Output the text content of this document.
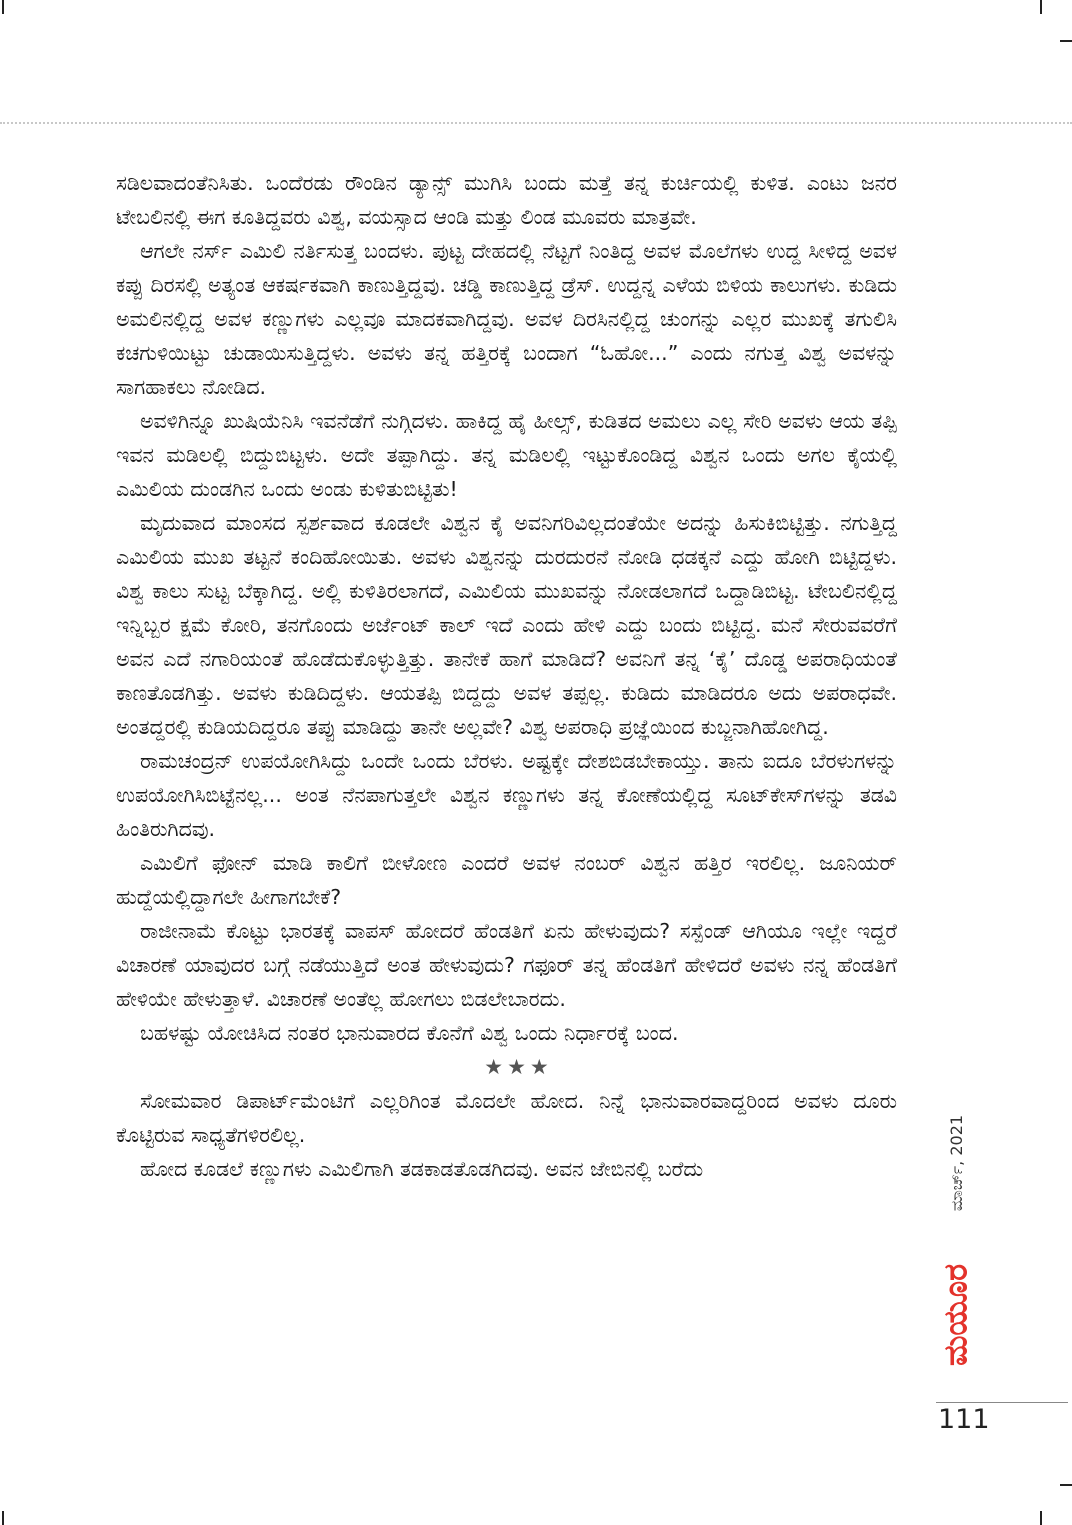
ಸಡಿಲವಾದಂತೆನಿಸಿತು. ಒಂದೆರಡು ರೌಂಡಿನ ಡ್ಯಾನ್ಸ್ ಮುಗಿಸಿ ಬಂದು ಮತ್ತೆ ತನ್ನ ಕುರ್ಚಿಯಲ್ಲಿ ಕುಳಿತ. ಎಂಟು ಜನರ ಟೇಬಲಿನಲ್ಲಿ ಈಗ ಕೂತಿದ್ದವರು ವಿಶ್ವ, ವಯಸ್ಸಾದ ಆಂಡಿ ಮತ್ತು ಲಿಂಡ ಮೂವರು ಮಾತ್ರವೇ.

ಆಗಲೇ ನರ್ಸ್ ಎಮಿಲಿ ನರ್ತಿಸುತ್ತ ಬಂದಳು. ಪುಟ್ಟ ದೇಹದಲ್ಲಿ ನೆಟ್ಟಗೆ ನಿಂತಿದ್ದ ಅವಳ ಮೊಲೆಗಳು ಉದ್ದ ಸೀಳಿದ್ದ ಅವಳ ಕಪ್ಪು ದಿರಸಲ್ಲಿ ಅತ್ಯಂತ ಆಕರ್ಷಕವಾಗಿ ಕಾಣುತ್ತಿದ್ದವು. ಚಡ್ಡಿ ಕಾಣುತ್ತಿದ್ದ ಡ್ರೆಸ್. ಉದ್ದನ್ನ ಎಳೆಯ ಬಿಳಿಯ ಕಾಲುಗಳು. ಕುಡಿದು ಅಮಲಿನಲ್ಲಿದ್ದ ಅವಳ ಕಣ್ಣುಗಳು ಎಲ್ಲವೂ ಮಾದಕವಾಗಿದ್ದವು. ಅವಳ ದಿರಸಿನಲ್ಲಿದ್ದ ಚುಂಗನ್ನು ಎಲ್ಲರ ಮುಖಕ್ಕೆ ತಗುಲಿಸಿ ಕಚಗುಳಿಯಿಟ್ಟು ಚುಡಾಯಿಸುತ್ತಿದ್ದಳು. ಅವಳು ತನ್ನ ಹತ್ತಿರಕ್ಕೆ ಬಂದಾಗ “ಓಹೋ...” ಎಂದು ನಗುತ್ತ ವಿಶ್ವ ಅವಳನ್ನು ಸಾಗಹಾಕಲು ನೋಡಿದ.

ಅವಳಿಗಿನ್ನೂ ಖುಷಿಯೆನಿಸಿ ಇವನೆಡೆಗೆ ನುಗ್ಗಿದಳು. ಹಾಕಿದ್ದ ಹೈ ಹೀಲ್ಸ್, ಕುಡಿತದ ಅಮಲು ಎಲ್ಲ ಸೇರಿ ಅವಳು ಆಯ ತಪ್ಪಿ ಇವನ ಮಡಿಲಲ್ಲಿ ಬಿದ್ದುಬಿಟ್ಟಳು. ಅದೇ ತಪ್ಪಾಗಿದ್ದು. ತನ್ನ ಮಡಿಲಲ್ಲಿ ಇಟ್ಟುಕೊಂಡಿದ್ದ ವಿಶ್ವನ ಒಂದು ಅಗಲ ಕೈಯಲ್ಲಿ ಎಮಿಲಿಯ ದುಂಡಗಿನ ಒಂದು ಅಂಡು ಕುಳಿತುಬಿಟ್ಟಿತು!

ಮೃದುವಾದ ಮಾಂಸದ ಸ್ಪರ್ಶವಾದ ಕೂಡಲೇ ವಿಶ್ವನ ಕೈ ಅವನಿಗರಿವಿಲ್ಲದಂತೆಯೇ ಅದನ್ನು ಹಿಸುಕಿಬಿಟ್ಟಿತ್ತು. ನಗುತ್ತಿದ್ದ ಎಮಿಲಿಯ ಮುಖ ತಟ್ಟನೆ ಕಂದಿಹೋಯಿತು. ಅವಳು ವಿಶ್ವನನ್ನು ದುರದುರನೆ ನೋಡಿ ಧಡಕ್ಕನೆ ಎದ್ದು ಹೋಗಿ ಬಿಟ್ಟಿದ್ದಳು. ವಿಶ್ವ ಕಾಲು ಸುಟ್ಟ ಬೆಕ್ಕಾಗಿದ್ದ. ಅಲ್ಲಿ ಕುಳಿತಿರಲಾಗದೆ, ಎಮಿಲಿಯ ಮುಖವನ್ನು ನೋಡಲಾಗದೆ ಒದ್ದಾಡಿಬಿಟ್ಟ. ಟೇಬಲಿನಲ್ಲಿದ್ದ ಇನ್ನಿಬ್ಬರ ಕ್ಷಮೆ ಕೋರಿ, ತನಗೊಂದು ಅರ್ಜೆಂಟ್ ಕಾಲ್ ಇದೆ ಎಂದು ಹೇಳಿ ಎದ್ದು ಬಂದು ಬಿಟ್ಟಿದ್ದ. ಮನೆ ಸೇರುವವರೆಗೆ ಅವನ ಎದೆ ನಗಾರಿಯಂತೆ ಹೊಡೆದುಕೊಳ್ಳುತ್ತಿತ್ತು. ತಾನೇಕೆ ಹಾಗೆ ಮಾಡಿದೆ? ಅವನಿಗೆ ತನ್ನ ‘ಕೈ’ ದೊಡ್ಡ ಅಪರಾಧಿಯಂತೆ ಕಾಣತೊಡಗಿತ್ತು. ಅವಳು ಕುಡಿದಿದ್ದಳು. ಆಯತಪ್ಪಿ ಬಿದ್ದದ್ದು ಅವಳ ತಪ್ಪಲ್ಲ. ಕುಡಿದು ಮಾಡಿದರೂ ಅದು ಅಪರಾಧವೇ. ಅಂತದ್ದರಲ್ಲಿ ಕುಡಿಯದಿದ್ದರೂ ತಪ್ಪು ಮಾಡಿದ್ದು ತಾನೇ ಅಲ್ಲವೇ? ವಿಶ್ವ ಅಪರಾಧಿ ಪ್ರಜ್ಞೆಯಿಂದ ಕುಬ್ಜನಾಗಿಹೋಗಿದ್ದ.

ರಾಮಚಂದ್ರನ್ ಉಪಯೋಗಿಸಿದ್ದು ಒಂದೇ ಒಂದು ಬೆರಳು. ಅಷ್ಟಕ್ಕೇ ದೇಶಬಿಡಬೇಕಾಯ್ತು. ತಾನು ಐದೂ ಬೆರಳುಗಳನ್ನು ಉಪಯೋಗಿಸಿಬಿಟ್ಟೆನಲ್ಲ... ಅಂತ ನೆನಪಾಗುತ್ತಲೇ ವಿಶ್ವನ ಕಣ್ಣುಗಳು ತನ್ನ ಕೋಣೆಯಲ್ಲಿದ್ದ ಸೂಟ್‌ಕೇಸ್‌ಗಳನ್ನು ತಡವಿ ಹಿಂತಿರುಗಿದವು.

ಎಮಿಲಿಗೆ ಫೋನ್ ಮಾಡಿ ಕಾಲಿಗೆ ಬೀಳೋಣ ಎಂದರೆ ಅವಳ ನಂಬರ್ ವಿಶ್ವನ ಹತ್ತಿರ ಇರಲಿಲ್ಲ. ಜೂನಿಯರ್ ಹುದ್ದೆಯಲ್ಲಿದ್ದಾಗಲೇ ಹೀಗಾಗಬೇಕೆ?

ರಾಜೀನಾಮೆ ಕೊಟ್ಟು ಭಾರತಕ್ಕೆ ವಾಪಸ್ ಹೋದರೆ ಹೆಂಡತಿಗೆ ಏನು ಹೇಳುವುದು? ಸಸ್ಪೆಂಡ್ ಆಗಿಯೂ ಇಲ್ಲೇ ಇದ್ದರೆ ವಿಚಾರಣೆ ಯಾವುದರ ಬಗ್ಗೆ ನಡೆಯುತ್ತಿದೆ ಅಂತ ಹೇಳುವುದು? ಗಫೂರ್ ತನ್ನ ಹೆಂಡತಿಗೆ ಹೇಳಿದರೆ ಅವಳು ನನ್ನ ಹೆಂಡತಿಗೆ ಹೇಳಿಯೇ ಹೇಳುತ್ತಾಳೆ. ವಿಚಾರಣೆ ಅಂತೆಲ್ಲ ಹೋಗಲು ಬಿಡಲೇಬಾರದು.

ಬಹಳಷ್ಟು ಯೋಚಿಸಿದ ನಂತರ ಭಾನುವಾರದ ಕೊನೆಗೆ ವಿಶ್ವ ಒಂದು ನಿರ್ಧಾರಕ್ಕೆ ಬಂದ.

★★★

ಸೋಮವಾರ ಡಿಪಾರ್ಟ್‌ಮೆಂಟಿಗೆ ಎಲ್ಲರಿಗಿಂತ ಮೊದಲೇ ಹೋದ. ನಿನ್ನೆ ಭಾನುವಾರವಾದ್ದರಿಂದ ಅವಳು ದೂರು ಕೊಟ್ಟಿರುವ ಸಾಧ್ಯತೆಗಳಿರಲಿಲ್ಲ.

ಹೋದ ಕೂಡಲೆ ಕಣ್ಣುಗಳು ಎಮಿಲಿಗಾಗಿ ತಡಕಾಡತೊಡಗಿದವು. ಅವನ ಜೇಬಿನಲ್ಲಿ ಬರೆದು	ಮಾರ್ಚ್, 2021
ಮಯೂರ
111
